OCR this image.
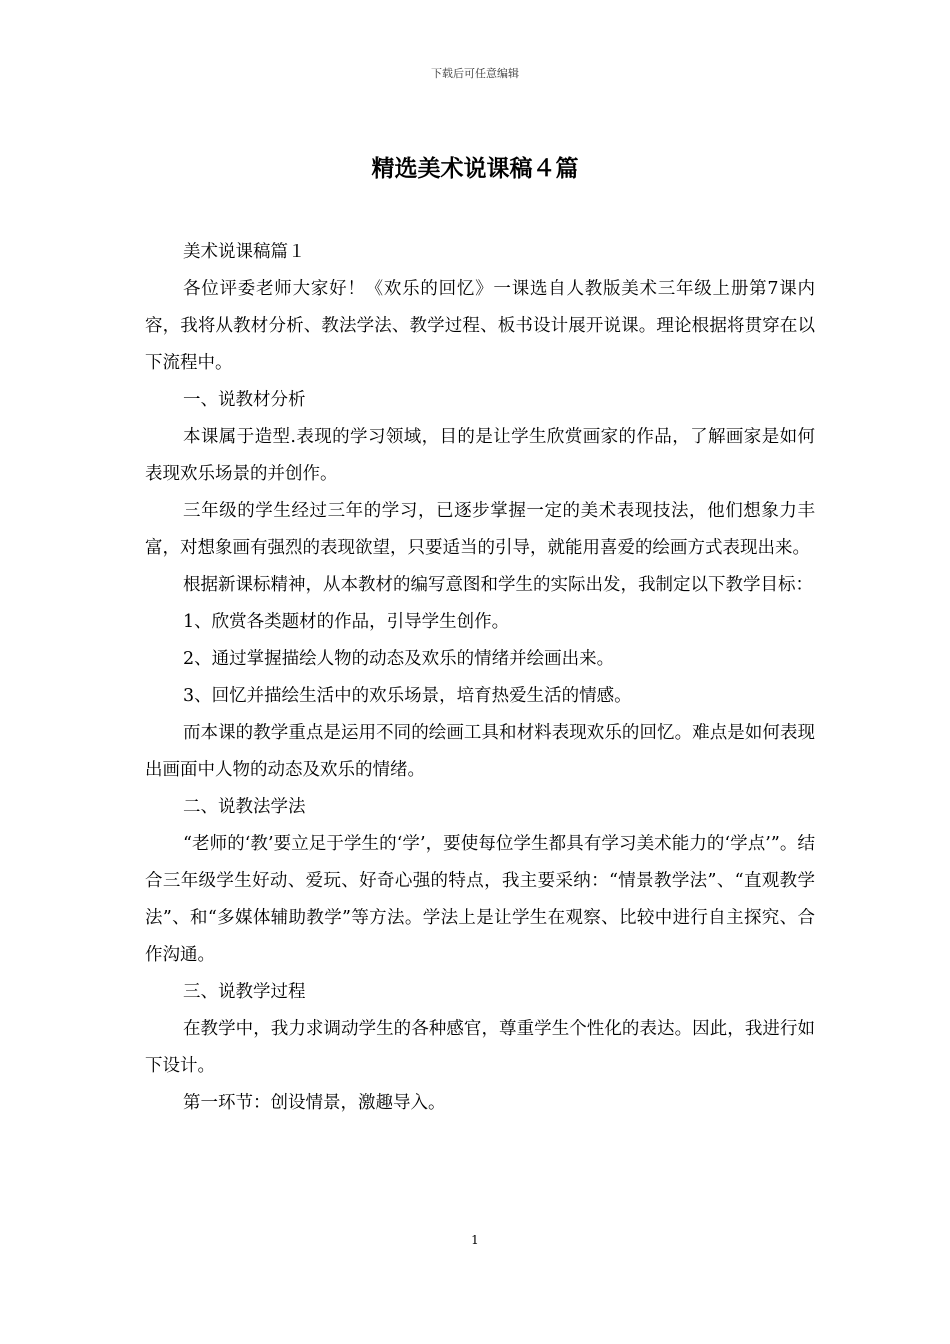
下载后可任意编辑
精选美术说课稿４篇

美术说课稿篇１

各位评委老师大家好！《欢乐的回忆》一课选自人教版美术三年级上册第7课内容，我将从教材分析、教法学法、教学过程、板书设计展开说课。理论根据将贯穿在以下流程中。

一、说教材分析

本课属于造型.表现的学习领域，目的是让学生欣赏画家的作品，了解画家是如何表现欢乐场景的并创作。

三年级的学生经过三年的学习，已逐步掌握一定的美术表现技法，他们想象力丰富，对想象画有强烈的表现欲望，只要适当的引导，就能用喜爱的绘画方式表现出来。

根据新课标精神，从本教材的编写意图和学生的实际出发，我制定以下教学目标：

1、欣赏各类题材的作品，引导学生创作。

2、通过掌握描绘人物的动态及欢乐的情绪并绘画出来。

3、回忆并描绘生活中的欢乐场景，培育热爱生活的情感。

而本课的教学重点是运用不同的绘画工具和材料表现欢乐的回忆。难点是如何表现出画面中人物的动态及欢乐的情绪。

二、说教法学法

“老师的‘教’要立足于学生的‘学’，要使每位学生都具有学习美术能力的‘学点’”。结合三年级学生好动、爱玩、好奇心强的特点，我主要采纳：“情景教学法”、“直观教学法”、和“多媒体辅助教学”等方法。学法上是让学生在观察、比较中进行自主探究、合作沟通。

三、说教学过程

在教学中，我力求调动学生的各种感官，尊重学生个性化的表达。因此，我进行如下设计。

第一环节：创设情景，激趣导入。

1
